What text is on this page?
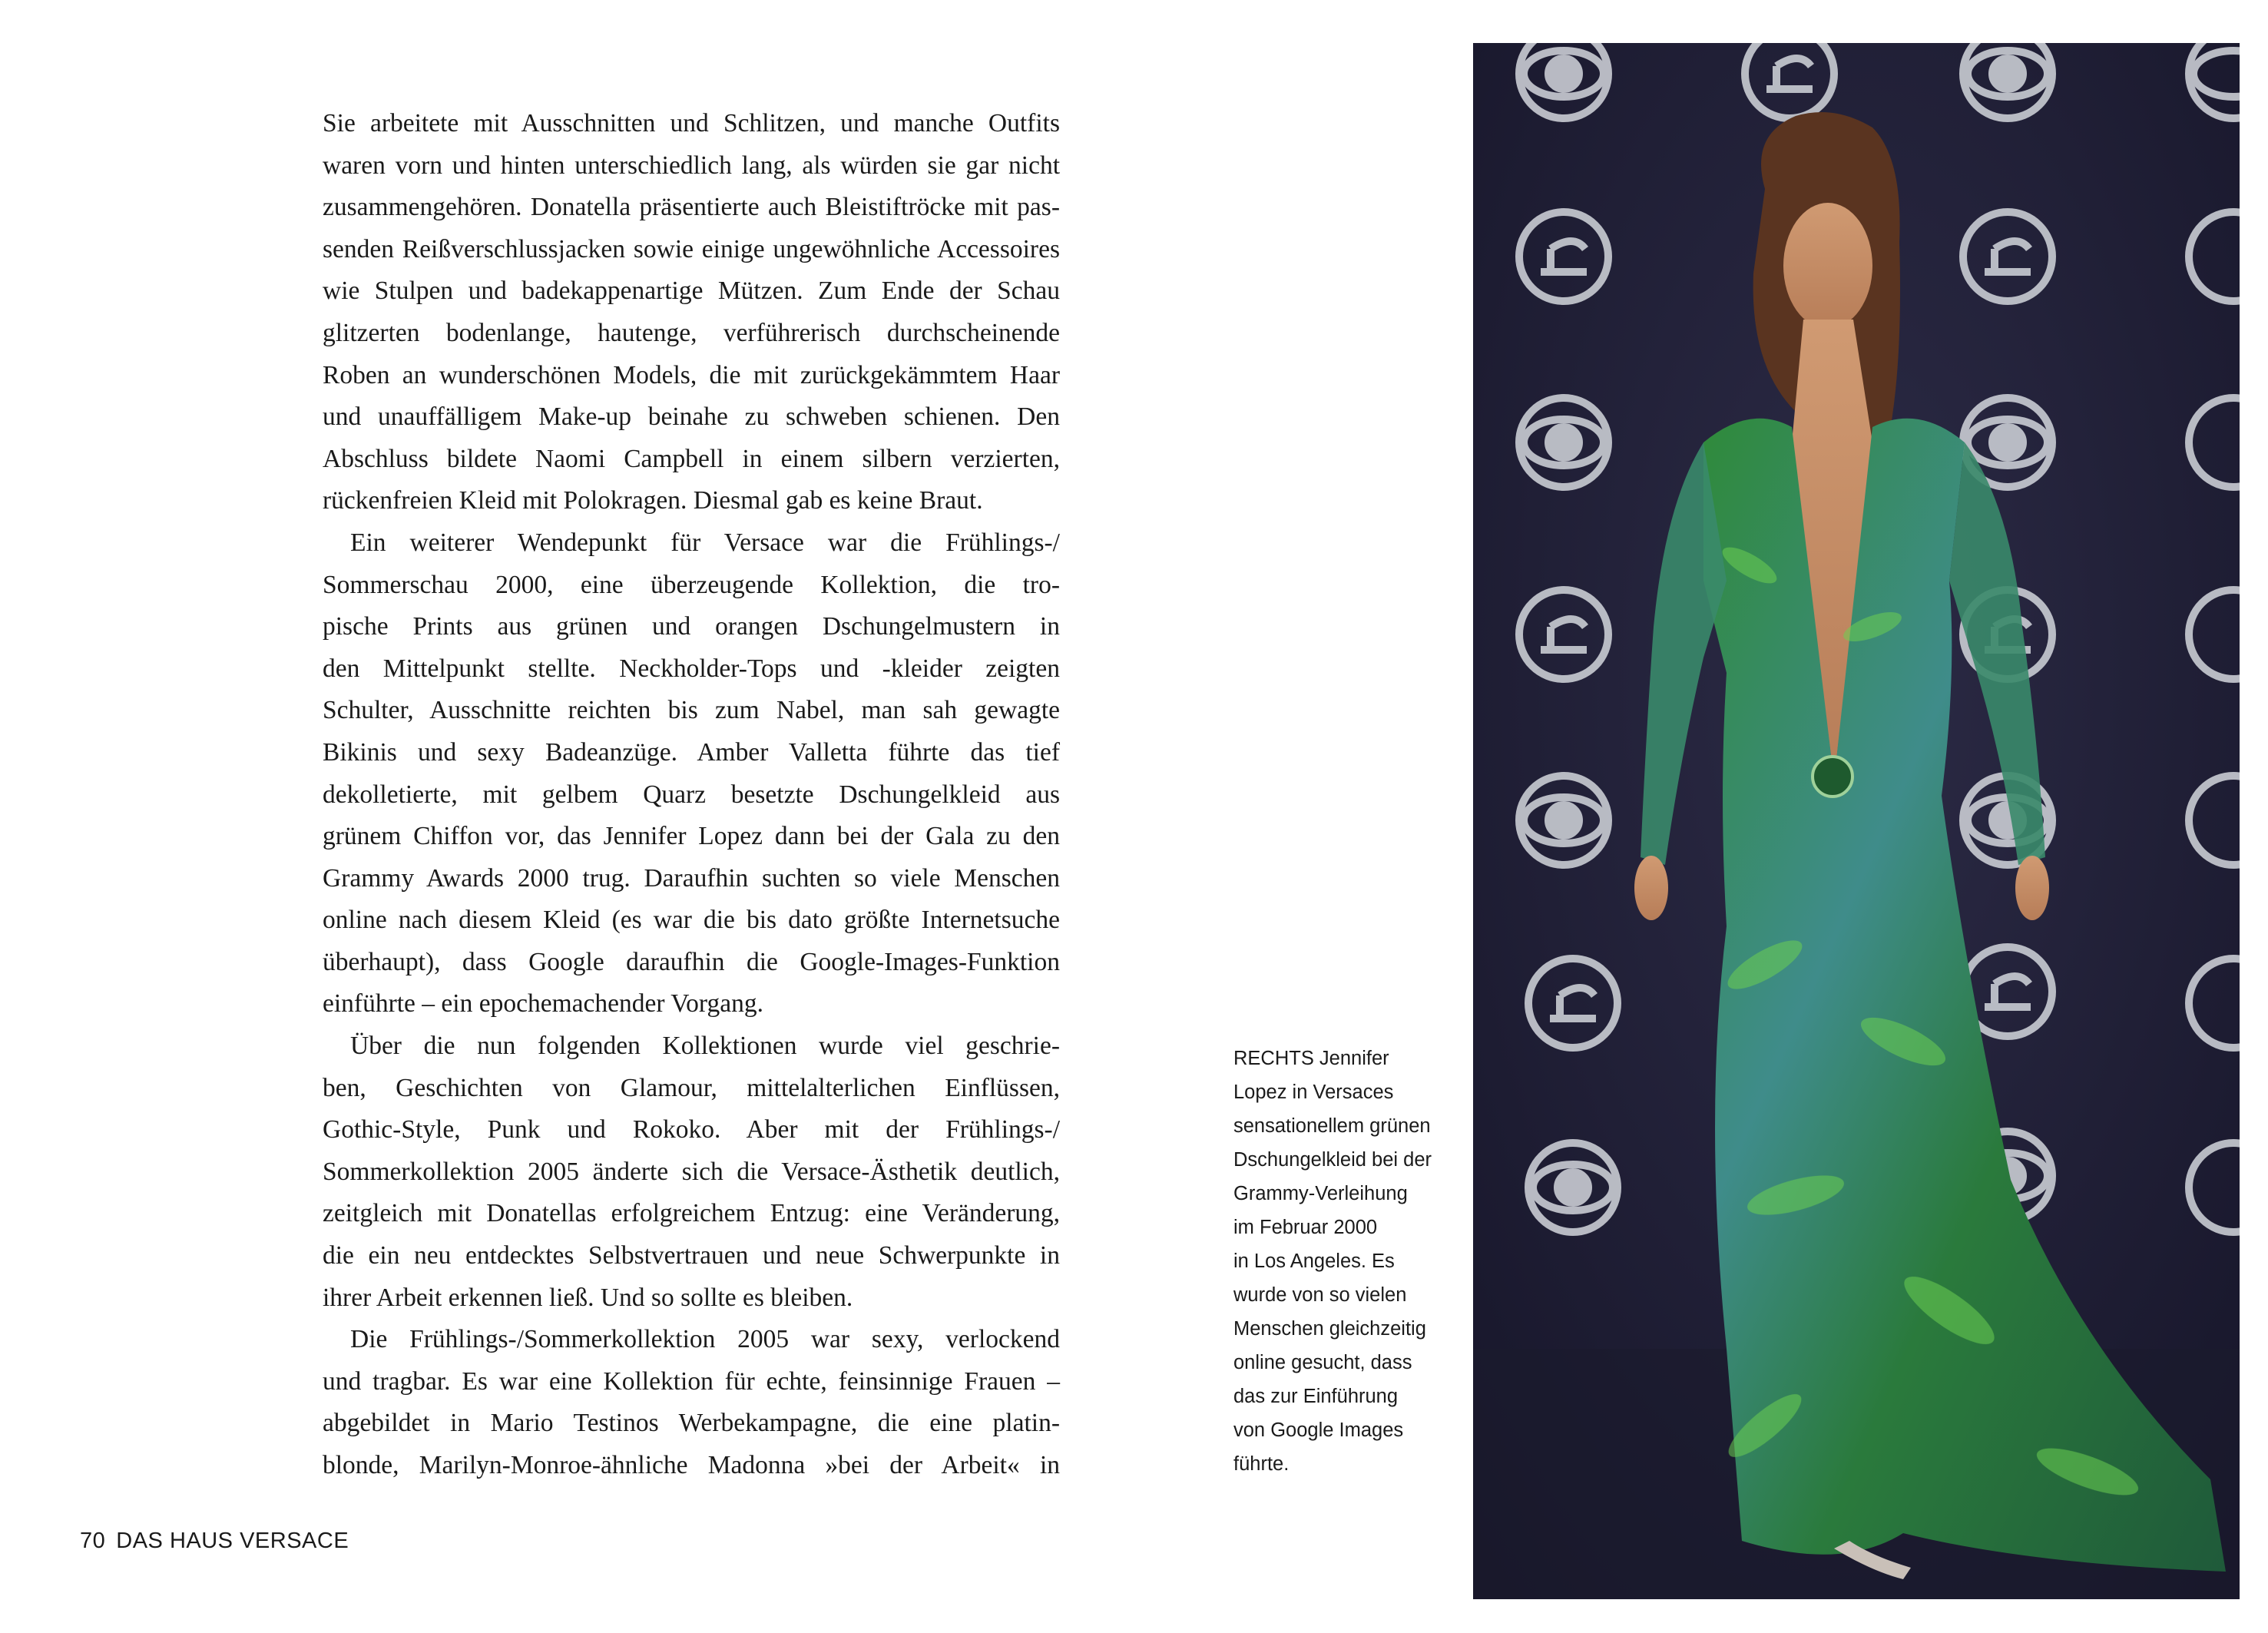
Sie arbeitete mit Ausschnitten und Schlitzen, und manche Outfits
waren vorn und hinten unterschiedlich lang, als würden sie gar nicht
zusammengehören. Donatella präsentierte auch Bleistiftröcke mit pas-
senden Reißverschlussjacken sowie einige ungewöhnliche Accessoires
wie Stulpen und badekappenartige Mützen. Zum Ende der Schau
glitzerten bodenlange, hautenge, verführerisch durchscheinende
Roben an wunderschönen Models, die mit zurückgekämmtem Haar
und unauffälligem Make-up beinahe zu schweben schienen. Den
Abschluss bildete Naomi Campbell in einem silbern verzierten,
rückenfreien Kleid mit Polokragen. Diesmal gab es keine Braut.
Ein weiterer Wendepunkt für Versace war die Frühlings-/
Sommerschau 2000, eine überzeugende Kollektion, die tro-
pische Prints aus grünen und orangen Dschungelmustern in
den Mittelpunkt stellte. Neckholder-Tops und -kleider zeigten
Schulter, Ausschnitte reichten bis zum Nabel, man sah gewagte
Bikinis und sexy Badeanzüge. Amber Valletta führte das tief
dekolletierte, mit gelbem Quarz besetzte Dschungelkleid aus
grünem Chiffon vor, das Jennifer Lopez dann bei der Gala zu den
Grammy Awards 2000 trug. Daraufhin suchten so viele Menschen
online nach diesem Kleid (es war die bis dato größte Internetsuche
überhaupt), dass Google daraufhin die Google-Images-Funktion
einführte – ein epochemachender Vorgang.
Über die nun folgenden Kollektionen wurde viel geschrie-
ben, Geschichten von Glamour, mittelalterlichen Einflüssen,
Gothic-Style, Punk und Rokoko. Aber mit der Frühlings-/
Sommerkollektion 2005 änderte sich die Versace-Ästhetik deutlich,
zeitgleich mit Donatellas erfolgreichem Entzug: eine Veränderung,
die ein neu entdecktes Selbstvertrauen und neue Schwerpunkte in
ihrer Arbeit erkennen ließ. Und so sollte es bleiben.
Die Frühlings-/Sommerkollektion 2005 war sexy, verlockend
und tragbar. Es war eine Kollektion für echte, feinsinnige Frauen –
abgebildet in Mario Testinos Werbekampagne, die eine platin-
blonde, Marilyn-Monroe-ähnliche Madonna »bei der Arbeit« in
RECHTS Jennifer
Lopez in Versaces
sensationellem grünen
Dschungelkleid bei der
Grammy-Verleihung
im Februar 2000
in Los Angeles. Es
wurde von so vielen
Menschen gleichzeitig
online gesucht, dass
das zur Einführung
von Google Images
führte.
70 DAS HAUS VERSACE
